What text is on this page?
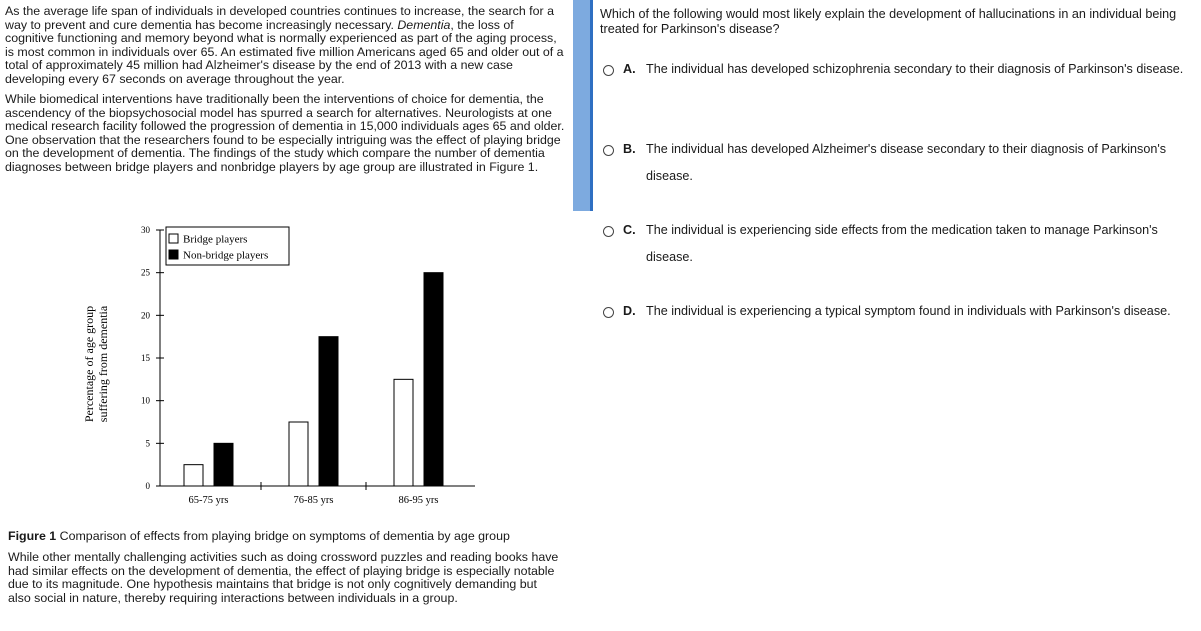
As the average life span of individuals in developed countries continues to increase, the search for a way to prevent and cure dementia has become increasingly necessary. Dementia, the loss of cognitive functioning and memory beyond what is normally experienced as part of the aging process, is most common in individuals over 65. An estimated five million Americans aged 65 and older out of a total of approximately 45 million had Alzheimer's disease by the end of 2013 with a new case developing every 67 seconds on average throughout the year.

While biomedical interventions have traditionally been the interventions of choice for dementia, the ascendency of the biopsychosocial model has spurred a search for alternatives. Neurologists at one medical research facility followed the progression of dementia in 15,000 individuals ages 65 and older. One observation that the researchers found to be especially intriguing was the effect of playing bridge on the development of dementia. The findings of the study which compare the number of dementia diagnoses between bridge players and nonbridge players by age group are illustrated in Figure 1.

0
5
10
15
20
25
30
Percentage of age group suffering from dementia
65-75 yrs	76-85 yrs	86-95 yrs
Bridge players
Non-bridge players
Figure 1 Comparison of effects from playing bridge on symptoms of dementia by age group
While other mentally challenging activities such as doing crossword puzzles and reading books have had similar effects on the development of dementia, the effect of playing bridge is especially notable due to its magnitude. One hypothesis maintains that bridge is not only cognitively demanding but also social in nature, thereby requiring interactions between individuals in a group.
Which of the following would most likely explain the development of hallucinations in an individual being treated for Parkinson's disease?
A. The individual has developed schizophrenia secondary to their diagnosis of Parkinson's disease.
B. The individual has developed Alzheimer's disease secondary to their diagnosis of Parkinson's disease.
C. The individual is experiencing side effects from the medication taken to manage Parkinson's disease.
D. The individual is experiencing a typical symptom found in individuals with Parkinson's disease.
